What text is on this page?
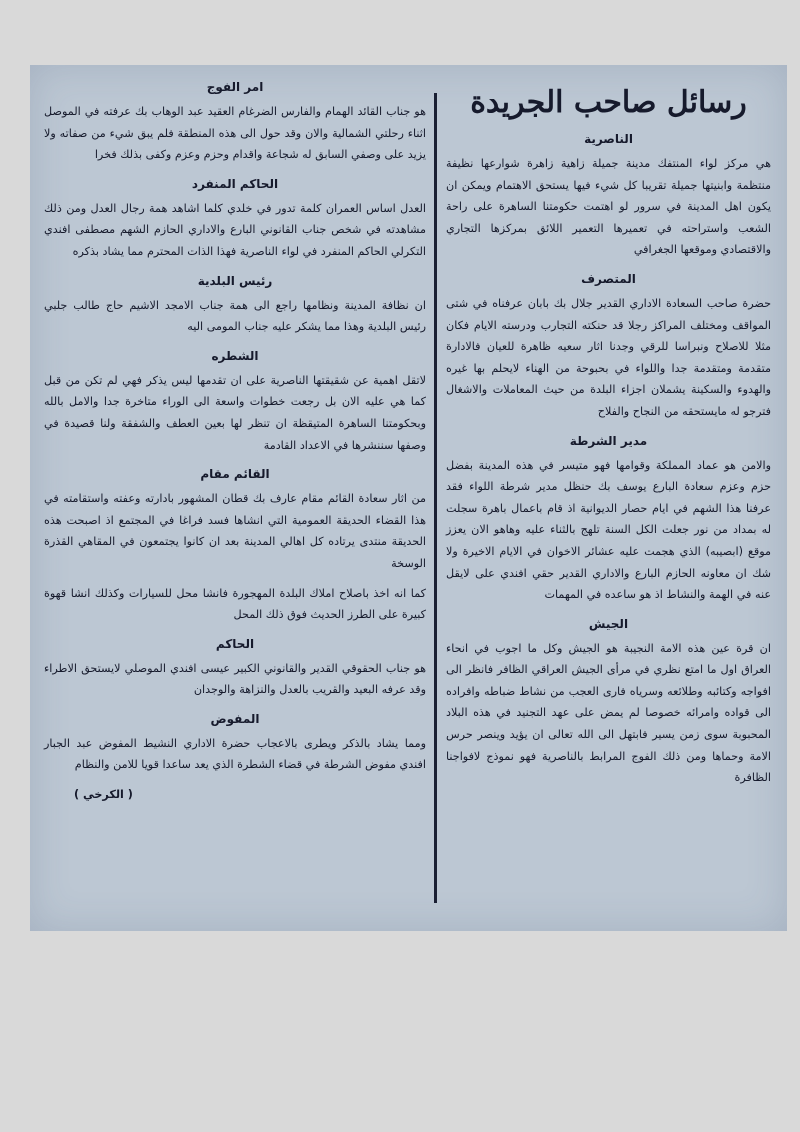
رسائل صاحب الجريدة
الناصرية

هي مركز لواء المنتفك مدينة جميلة زاهية زاهرة شوارعها نظيفة منتظمة وابنيتها جميلة تقريبا كل شيء فيها يستحق الاهتمام ويمكن ان يكون اهل المدينة في سرور لو اهتمت حكومتنا الساهرة على راحة الشعب واستراحته في تعميرها التعمير اللائق بمركزها التجاري والاقتصادي وموقعها الجغرافي

المتصرف

حضرة صاحب السعادة الاداري القدير جلال بك بابان عرفناه في شتى المواقف ومختلف المراكز رجلا قد حنكته التجارب ودرسته الايام فكان مثلا للاصلاح ونبراسا للرقي وجدنا اثار سعيه ظاهرة للعيان فالادارة متقدمة ومتقدمة جدا واللواء في بحبوحة من الهناء لايحلم بها غيره والهدوء والسكينة يشملان اجزاء البلدة من حيث المعاملات والاشغال فترجو له مايستحقه من النجاح والفلاح

مدير الشرطة

والامن هو عماد المملكة وقوامها فهو متيسر في هذه المدينة بفضل حزم وعزم سعادة البارع يوسف بك حنظل مدير شرطة اللواء فقد عرفنا هذا الشهم في ايام حصار الديوانية اذ قام باعمال باهرة سجلت له بمداد من نور جعلت الكل السنة تلهج بالثناء عليه وهاهو الان يعزز موقع (ابصيبه) الذي هجمت عليه عشائر الاخوان في الايام الاخيرة ولا شك ان معاونه الحازم البارع والاداري القدير حقي افندي على لايقل عنه في الهمة والنشاط اذ هو ساعده في المهمات

الجيش

ان قرة عين هذه الامة النجيبة هو الجيش وكل ما اجوب في انحاء العراق اول ما امتع نظري في مرأى الجيش العراقي الظافر فانظر الى افواجه وكتائبه وطلائعه وسرياه فارى العجب من نشاط ضباطه وافراده الى قواده وامرائه خصوصا لم يمض على عهد التجنيد في هذه البلاد المحبوبة سوى زمن يسير فابتهل الى الله تعالى ان يؤيد وينصر حرس الامة وحماها ومن ذلك الفوج المرابط بالناصرية فهو نموذج لافواجنا الظافرة

امر الفوج

هو جناب القائد الهمام والفارس الضرغام العقيد عبد الوهاب بك عرفته في الموصل اثناء رحلتي الشمالية والان وقد حول الى هذه المنطقة فلم يبق شيء من صفاته ولا يزيد على وصفي السابق له شجاعة واقدام وحزم وعزم وكفى بذلك فخرا

الحاكم المنفرد

العدل اساس العمران كلمة تدور في خلدي كلما اشاهد همة رجال العدل ومن ذلك مشاهدته في شخص جناب القانوني البارع والاداري الحازم الشهم مصطفى افندي التكرلي الحاكم المنفرد في لواء الناصرية فهذا الذات المحترم مما يشاد بذكره

رئيس البلدية

ان نظافة المدينة ونظامها راجع الى همة جناب الامجد الاشيم حاج طالب جلبي رئيس البلدية وهذا مما يشكر عليه جناب المومى اليه

الشطره

لاتقل اهمية عن شقيقتها الناصرية على ان تقدمها ليس يذكر فهي لم تكن من قبل كما هي عليه الان بل رجعت خطوات واسعة الى الوراء متاخرة جدا والامل بالله وبحكومتنا الساهرة المتيقظة ان تنظر لها بعين العطف والشفقة ولنا قصيدة في وصفها سننشرها في الاعداد القادمة

القائم مقام

من اثار سعادة القائم مقام عارف بك قطان المشهور بادارته وعفته واستقامته في هذا القضاء الحديقة العمومية التي انشاها فسد فراغا في المجتمع اذ اصبحت هذه الحديقة منتدى يرتاده كل اهالي المدينة بعد ان كانوا يجتمعون في المقاهي القذرة الوسخة

كما انه اخذ باصلاح املاك البلدة المهجورة فانشا محل للسيارات وكذلك انشا قهوة كبيرة على الطرز الحديث فوق ذلك المحل

الحاكم

هو جناب الحقوقي القدير والقانوني الكبير عيسى افندي الموصلي لايستحق الاطراء وقد عرفه البعيد والقريب بالعدل والنزاهة والوجدان

المفوض

ومما يشاد بالذكر ويطرى بالاعجاب حضرة الاداري النشيط المفوض عبد الجبار افندي مفوض الشرطة في قضاء الشطرة الذي يعد ساعدا قويا للامن والنظام

( الكرخي )
